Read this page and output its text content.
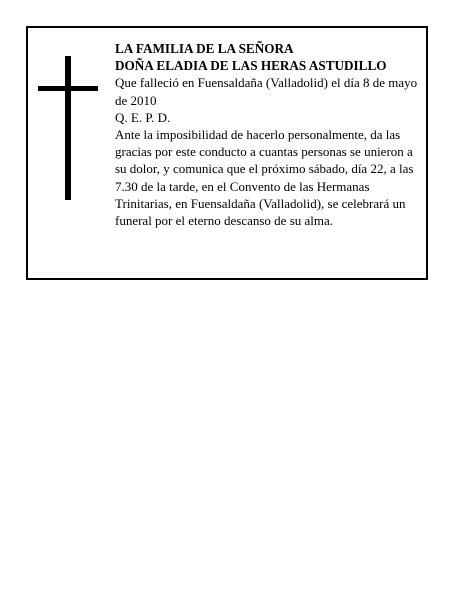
LA FAMILIA DE LA SEÑORA

DOÑA ELADIA DE LAS HERAS ASTUDILLO

Que falleció en Fuensaldaña (Valladolid) el día 8 de mayo de 2010

Q. E. P. D.

Ante la imposibilidad de hacerlo personalmente, da las gracias por este conducto a cuantas personas se unieron a su dolor, y comunica que el próximo sábado, día 22, a las 7.30 de la tarde, en el Convento de las Hermanas Trinitarias, en Fuensaldaña (Valladolid), se celebrará un funeral por el eterno descanso de su alma.
